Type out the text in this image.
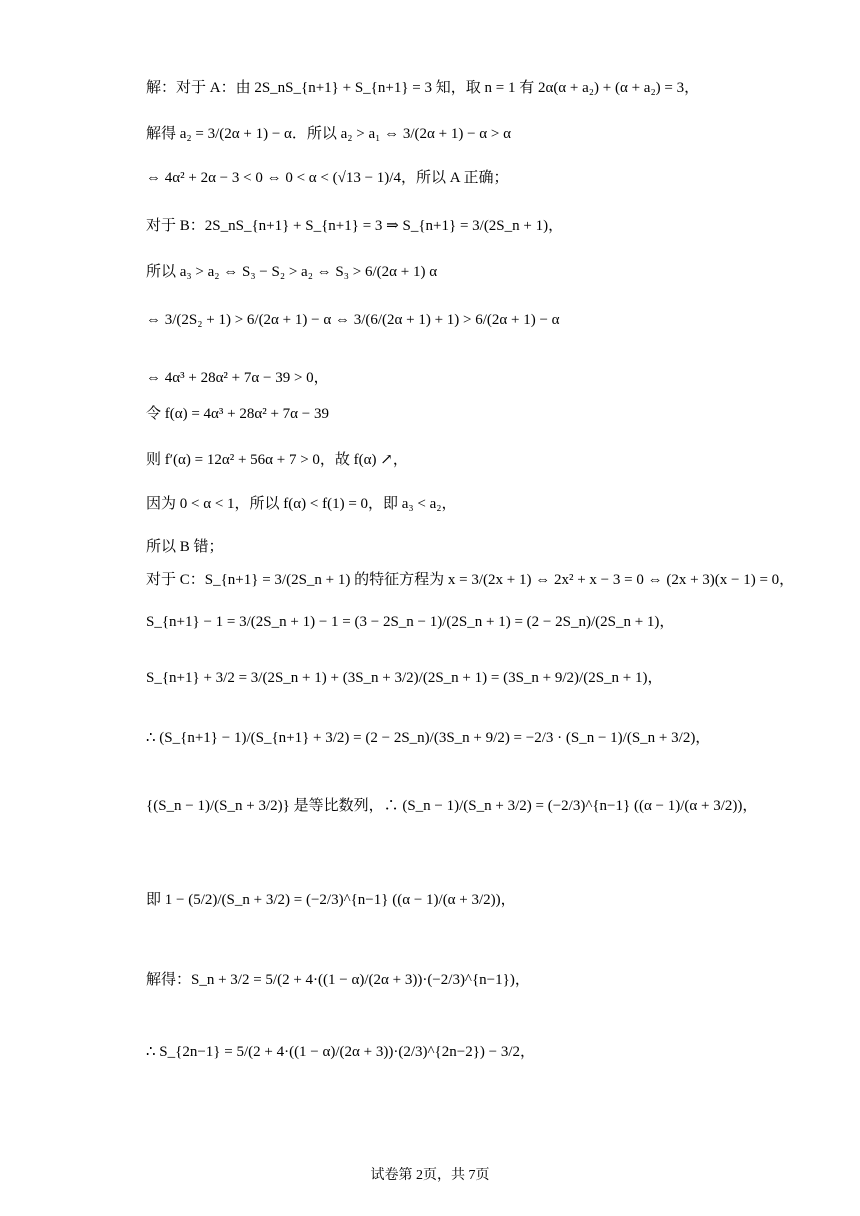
解：对于 A：由 2S_nS_{n+1} + S_{n+1} = 3 知，取 n = 1 有 2α(α + a₂) + (α + a₂) = 3，
解得 a₂ = 3/(2α + 1) − α．所以 a₂ > a₁ ⇔ 3/(2α + 1) − α > α
⇔ 4α² + 2α − 3 < 0 ⇔ 0 < α < (√13 − 1)/4，所以 A 正确；
对于 B：2S_nS_{n+1} + S_{n+1} = 3 ⇒ S_{n+1} = 3/(2S_n + 1)，
所以 a₃ > a₂ ⇔ S₃ − S₂ > a₂ ⇔ S₃ > 6/(2α + 1) α
⇔ 3/(2S₂ + 1) > 6/(2α + 1) − α ⇔ 3/(6/(2α + 1) + 1) > 6/(2α + 1) − α
⇔ 4α³ + 28α² + 7α − 39 > 0，
令 f(α) = 4α³ + 28α² + 7α − 39
则 f′(α) = 12α² + 56α + 7 > 0，故 f(α) ↗，
因为 0 < α < 1，所以 f(α) < f(1) = 0，即 a₃ < a₂，
所以 B 错；
对于 C：S_{n+1} = 3/(2S_n + 1) 的特征方程为 x = 3/(2x + 1) ⇔ 2x² + x − 3 = 0 ⇔ (2x + 3)(x − 1) = 0，
S_{n+1} − 1 = 3/(2S_n + 1) − 1 = (3 − 2S_n − 1)/(2S_n + 1) = (2 − 2S_n)/(2S_n + 1)，
S_{n+1} + 3/2 = 3/(2S_n + 1) + (3S_n + 3/2)/(2S_n + 1) = (3S_n + 9/2)/(2S_n + 1)，
∴ (S_{n+1} − 1)/(S_{n+1} + 3/2) = (2 − 2S_n)/(3S_n + 9/2) = −2/3 · (S_n − 1)/(S_n + 3/2)，
{(S_n − 1)/(S_n + 3/2)} 是等比数列，∴ (S_n − 1)/(S_n + 3/2) = (−2/3)^{n−1} ((α − 1)/(α + 3/2))，
即 1 − (5/2)/(S_n + 3/2) = (−2/3)^{n−1} ((α − 1)/(α + 3/2))，
解得：S_n + 3/2 = 5/(2 + 4·((1 − α)/(2α + 3))·(−2/3)^{n−1})，
∴ S_{2n−1} = 5/(2 + 4·((1 − α)/(2α + 3))·(2/3)^{2n−2}) − 3/2，
试卷第 2页，共 7页
